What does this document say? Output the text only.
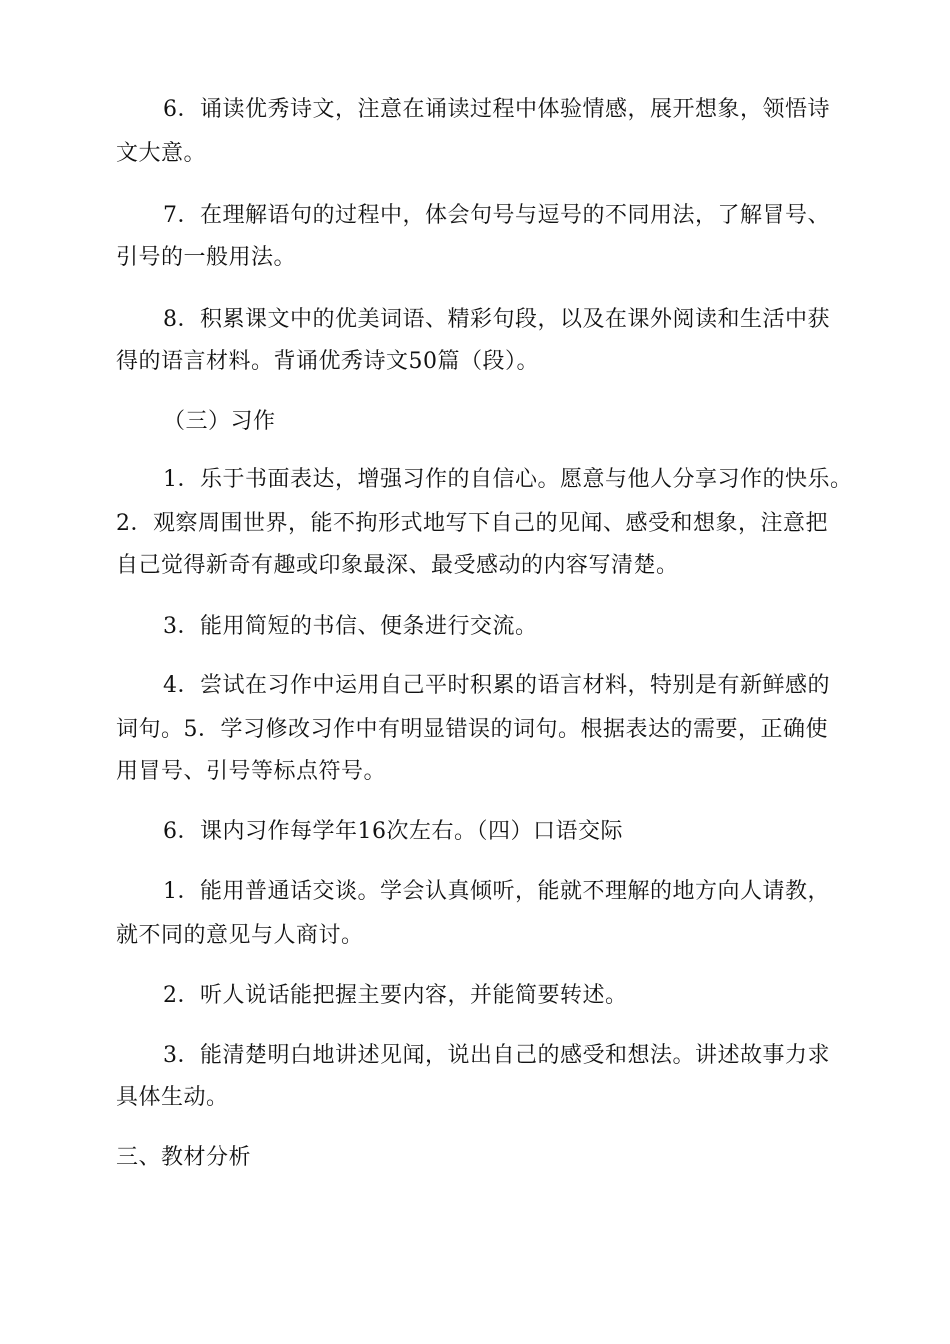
6．诵读优秀诗文，注意在诵读过程中体验情感，展开想象，领悟诗
文大意。
7．在理解语句的过程中，体会句号与逗号的不同用法，了解冒号、
引号的一般用法。
8．积累课文中的优美词语、精彩句段，以及在课外阅读和生活中获
得的语言材料。背诵优秀诗文50篇（段）。
（三）习作
1．乐于书面表达，增强习作的自信心。愿意与他人分享习作的快乐。
2．观察周围世界，能不拘形式地写下自己的见闻、感受和想象，注意把
自己觉得新奇有趣或印象最深、最受感动的内容写清楚。
3．能用简短的书信、便条进行交流。
4．尝试在习作中运用自己平时积累的语言材料，特别是有新鲜感的
词句。5．学习修改习作中有明显错误的词句。根据表达的需要，正确使
用冒号、引号等标点符号。
6．课内习作每学年16次左右。（四）口语交际
1．能用普通话交谈。学会认真倾听，能就不理解的地方向人请教，
就不同的意见与人商讨。
2．听人说话能把握主要内容，并能简要转述。
3．能清楚明白地讲述见闻，说出自己的感受和想法。讲述故事力求
具体生动。
三、教材分析
